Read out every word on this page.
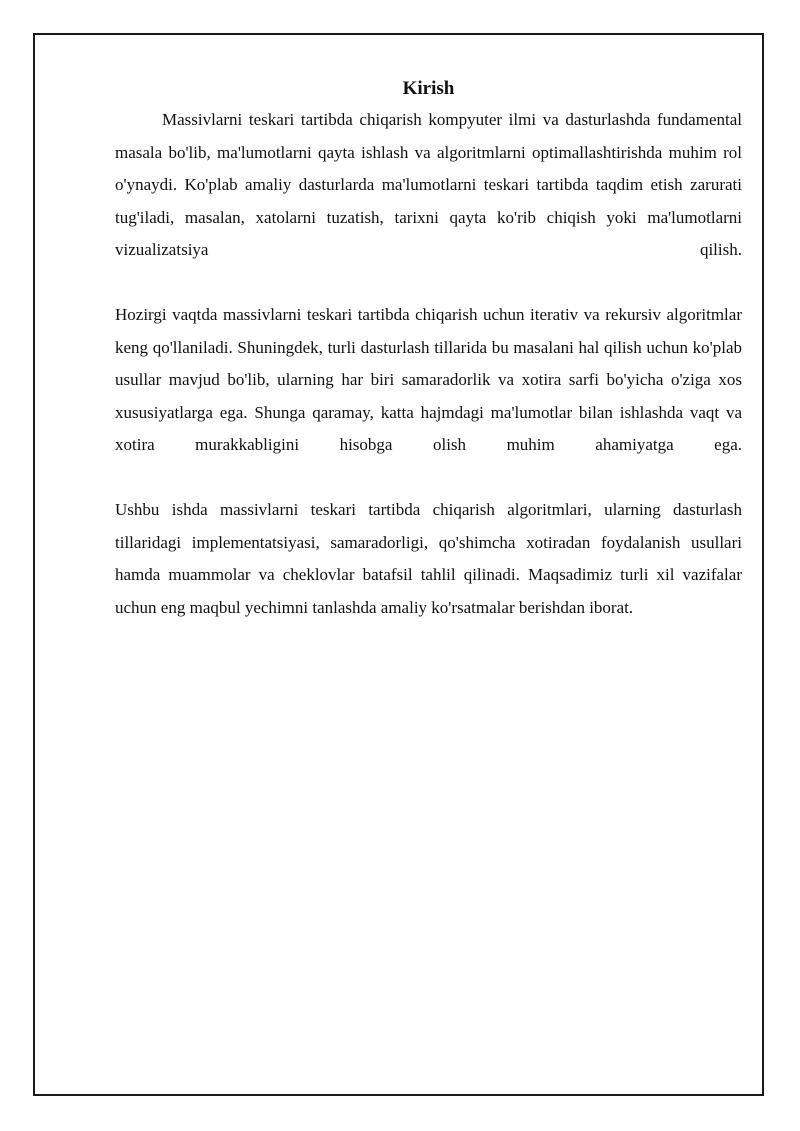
Kirish

Massivlarni teskari tartibda chiqarish kompyuter ilmi va dasturlashda fundamental masala bo'lib, ma'lumotlarni qayta ishlash va algoritmlarni optimallashtirishda muhim rol o'ynaydi. Ko'plab amaliy dasturlarda ma'lumotlarni teskari tartibda taqdim etish zarurati tug'iladi, masalan, xatolarni tuzatish, tarixni qayta ko'rib chiqish yoki ma'lumotlarni vizualizatsiya qilish.

Hozirgi vaqtda massivlarni teskari tartibda chiqarish uchun iterativ va rekursiv algoritmlar keng qo'llaniladi. Shuningdek, turli dasturlash tillarida bu masalani hal qilish uchun ko'plab usullar mavjud bo'lib, ularning har biri samaradorlik va xotira sarfi bo'yicha o'ziga xos xususiyatlarga ega. Shunga qaramay, katta hajmdagi ma'lumotlar bilan ishlashda vaqt va xotira murakkabligini hisobga olish muhim ahamiyatga ega.

Ushbu ishda massivlarni teskari tartibda chiqarish algoritmlari, ularning dasturlash tillaridagi implementatsiyasi, samaradorligi, qo'shimcha xotiradan foydalanish usullari hamda muammolar va cheklovlar batafsil tahlil qilinadi. Maqsadimiz turli xil vazifalar uchun eng maqbul yechimni tanlashda amaliy ko'rsatmalar berishdan iborat.
